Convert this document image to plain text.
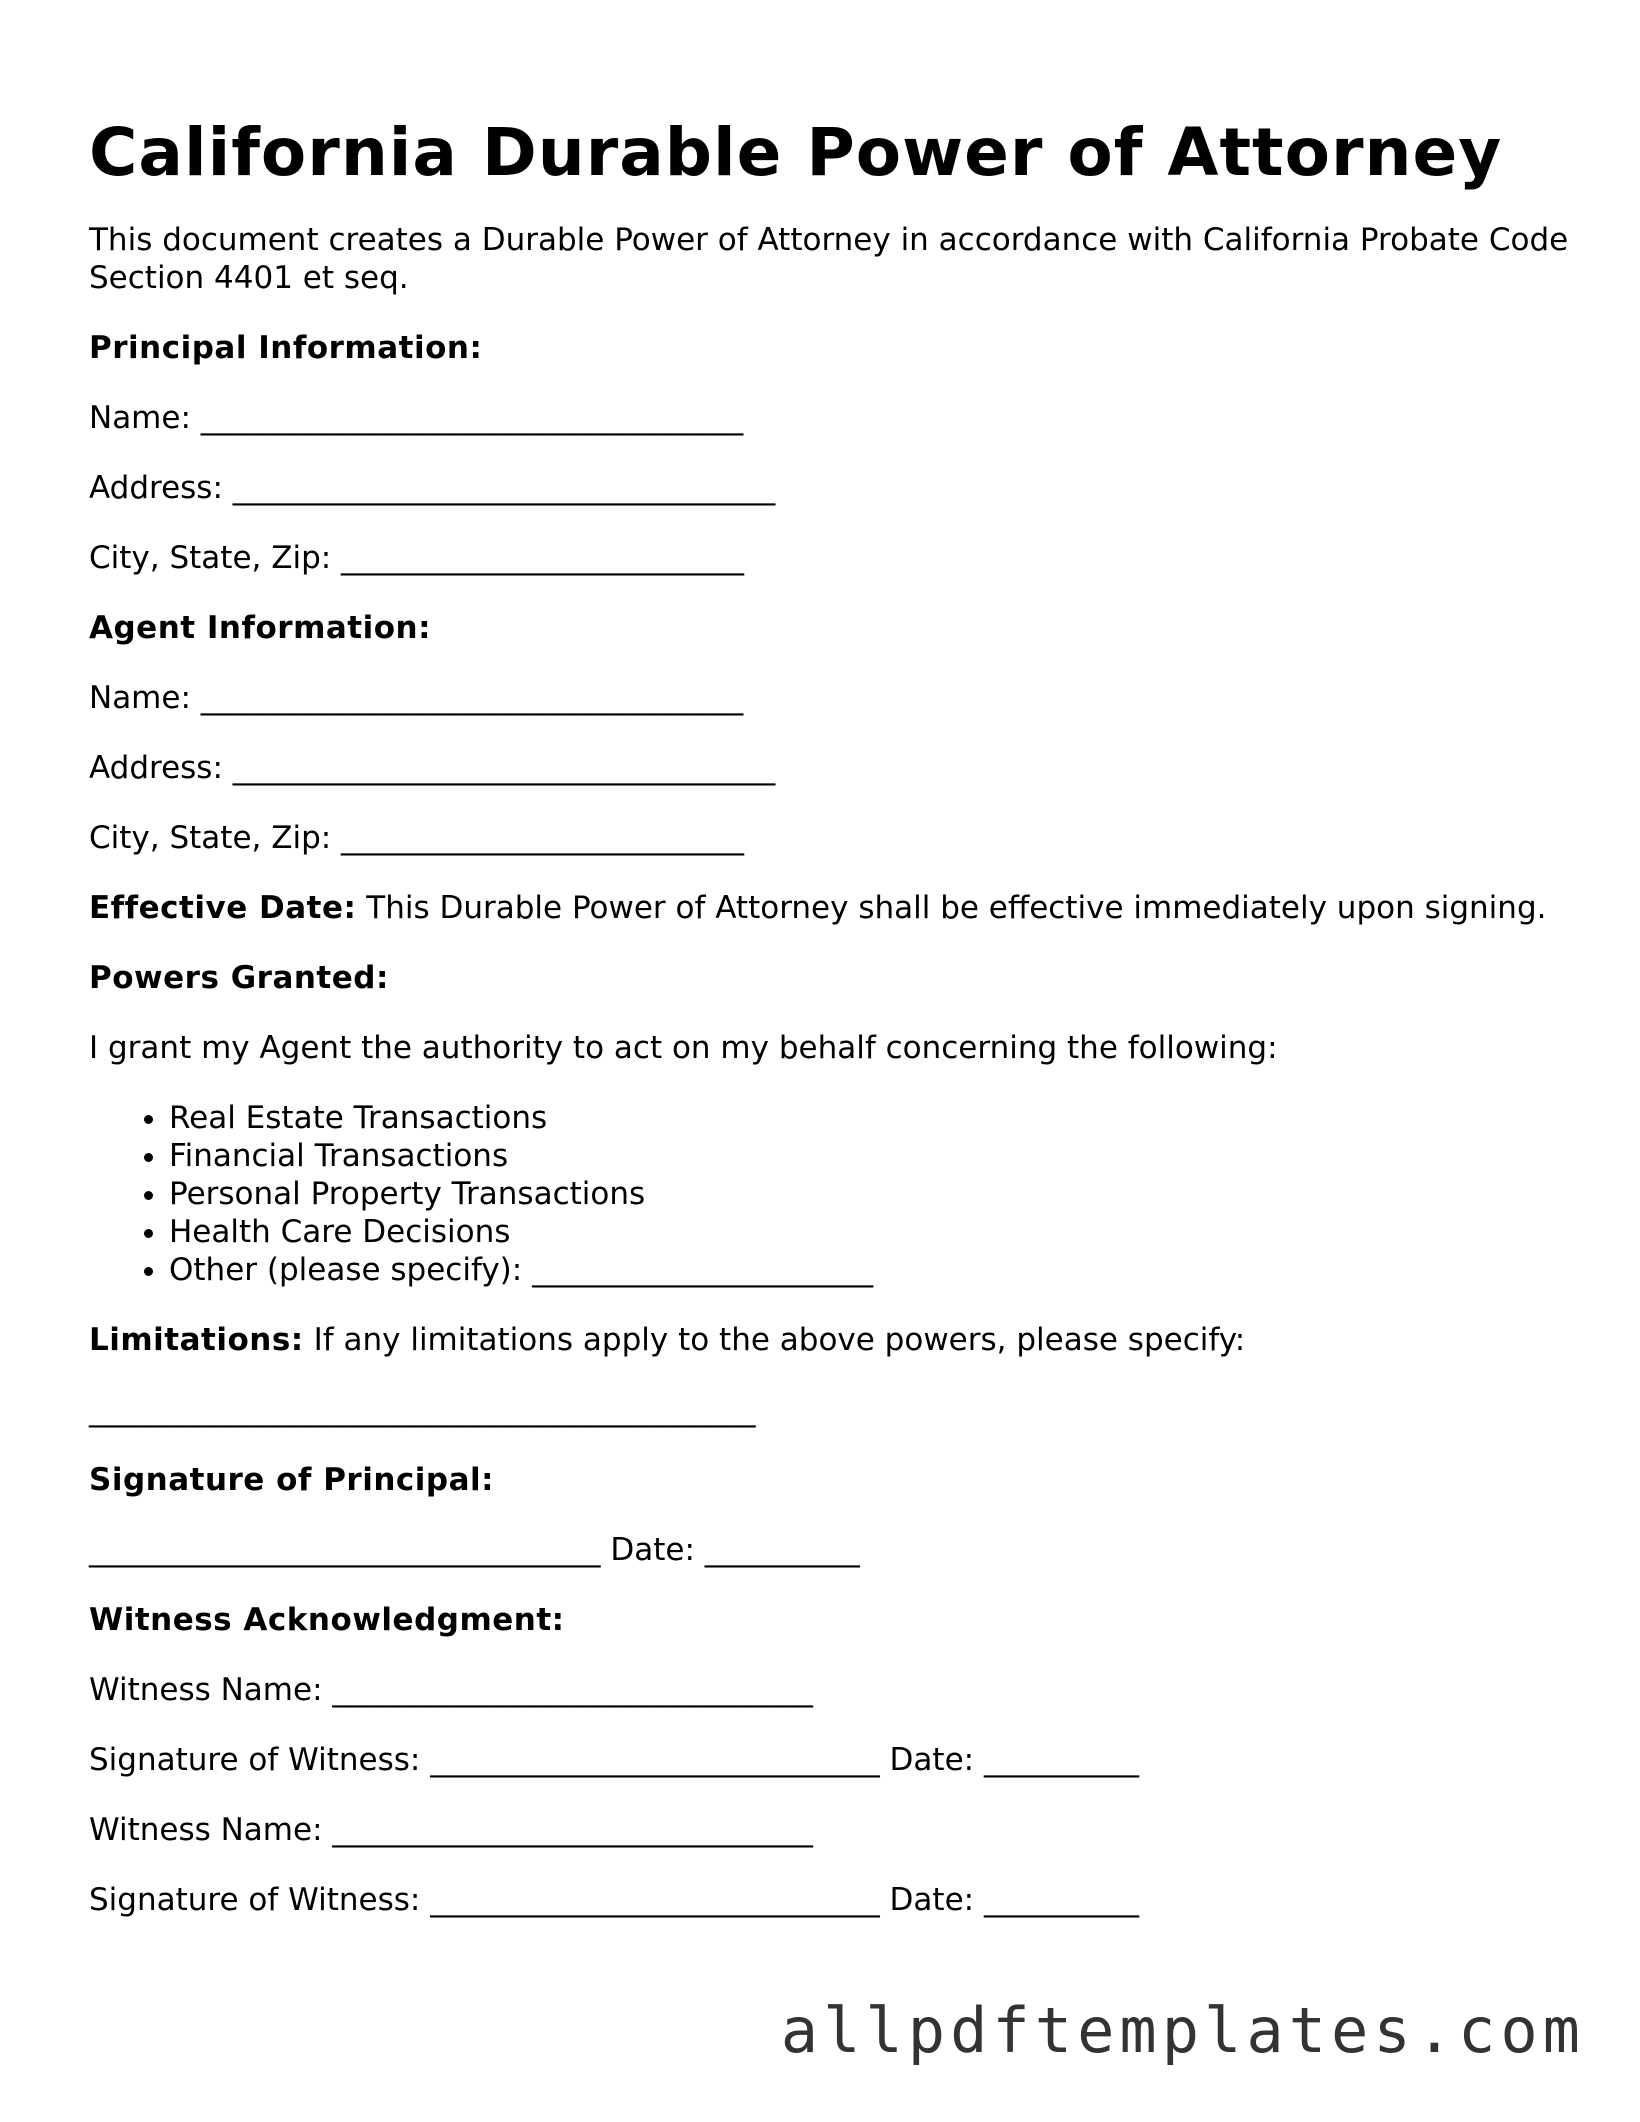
California Durable Power of Attorney

This document creates a Durable Power of Attorney in accordance with California Probate Code Section 4401 et seq.

Principal Information:

Name: ___________________________________

Address: ___________________________________

City, State, Zip: __________________________

Agent Information:

Name: ___________________________________

Address: ___________________________________

City, State, Zip: __________________________

Effective Date: This Durable Power of Attorney shall be effective immediately upon signing.

Powers Granted:

I grant my Agent the authority to act on my behalf concerning the following:

• Real Estate Transactions
• Financial Transactions
• Personal Property Transactions
• Health Care Decisions
• Other (please specify): ______________________

Limitations: If any limitations apply to the above powers, please specify:

___________________________________________

Signature of Principal:

_________________________________ Date: __________

Witness Acknowledgment:

Witness Name: _______________________________

Signature of Witness: _____________________________ Date: __________

Witness Name: _______________________________

Signature of Witness: _____________________________ Date: __________

allpdftemplates.com
